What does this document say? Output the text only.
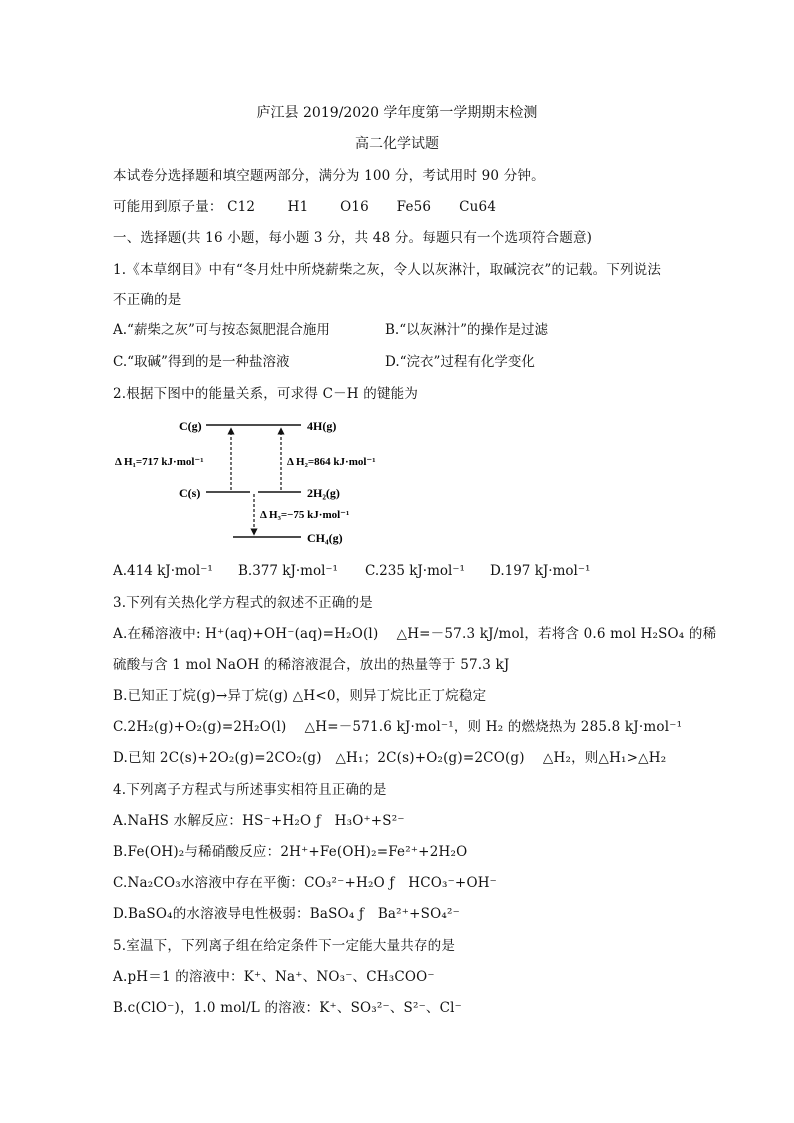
庐江县 2019/2020 学年度第一学期期末检测
高二化学试题
本试卷分选择题和填空题两部分，满分为 100 分，考试用时 90 分钟。
可能用到原子量： C12 H1 O16 Fe56 Cu64
一、选择题(共 16 小题，每小题 3 分，共 48 分。每题只有一个选项符合题意)
1.《本草纲目》中有“冬月灶中所烧薪柴之灰，令人以灰淋汁，取碱浣衣”的记载。下列说法
不正确的是
A.“薪柴之灰”可与按态氮肥混合施用	B.“以灰淋汁”的操作是过滤
C.“取碱”得到的是一种盐溶液	D.“浣衣”过程有化学变化
2.根据下图中的能量关系，可求得 C－H 的键能为
C(g)	4H(g)
Δ H₁=717 kJ·mol⁻¹	Δ H₂=864 kJ·mol⁻¹
C(s)	2H₂(g)
Δ H₃=−75 kJ·mol⁻¹
CH₄(g)
A.414 kJ·mol⁻¹ B.377 kJ·mol⁻¹ C.235 kJ·mol⁻¹ D.197 kJ·mol⁻¹
3.下列有关热化学方程式的叙述不正确的是
A.在稀溶液中: H⁺(aq)+OH⁻(aq)=H₂O(l)　 △H=－57.3 kJ/mol，若将含 0.6 mol H₂SO₄ 的稀
硫酸与含 1 mol NaOH 的稀溶液混合，放出的热量等于 57.3 kJ
B.已知正丁烷(g)→异丁烷(g) △H<0，则异丁烷比正丁烷稳定
C.2H₂(g)+O₂(g)=2H₂O(l)　 △H=－571.6 kJ·mol⁻¹，则 H₂ 的燃烧热为 285.8 kJ·mol⁻¹
D.已知 2C(s)+2O₂(g)=2CO₂(g)　△H₁；2C(s)+O₂(g)=2CO(g)　 △H₂，则△H₁>△H₂
4.下列离子方程式与所述事实相符且正确的是
A.NaHS 水解反应：HS⁻+H₂O ƒ　H₃O⁺+S²⁻
B.Fe(OH)₂与稀硝酸反应：2H⁺+Fe(OH)₂=Fe²⁺+2H₂O
C.Na₂CO₃水溶液中存在平衡：CO₃²⁻+H₂O ƒ　HCO₃⁻+OH⁻
D.BaSO₄的水溶液导电性极弱：BaSO₄ ƒ　Ba²⁺+SO₄²⁻
5.室温下，下列离子组在给定条件下一定能大量共存的是
A.pH＝1 的溶液中：K⁺、Na⁺、NO₃⁻、CH₃COO⁻
B.c(ClO⁻)，1.0 mol/L 的溶液：K⁺、SO₃²⁻、S²⁻、Cl⁻
